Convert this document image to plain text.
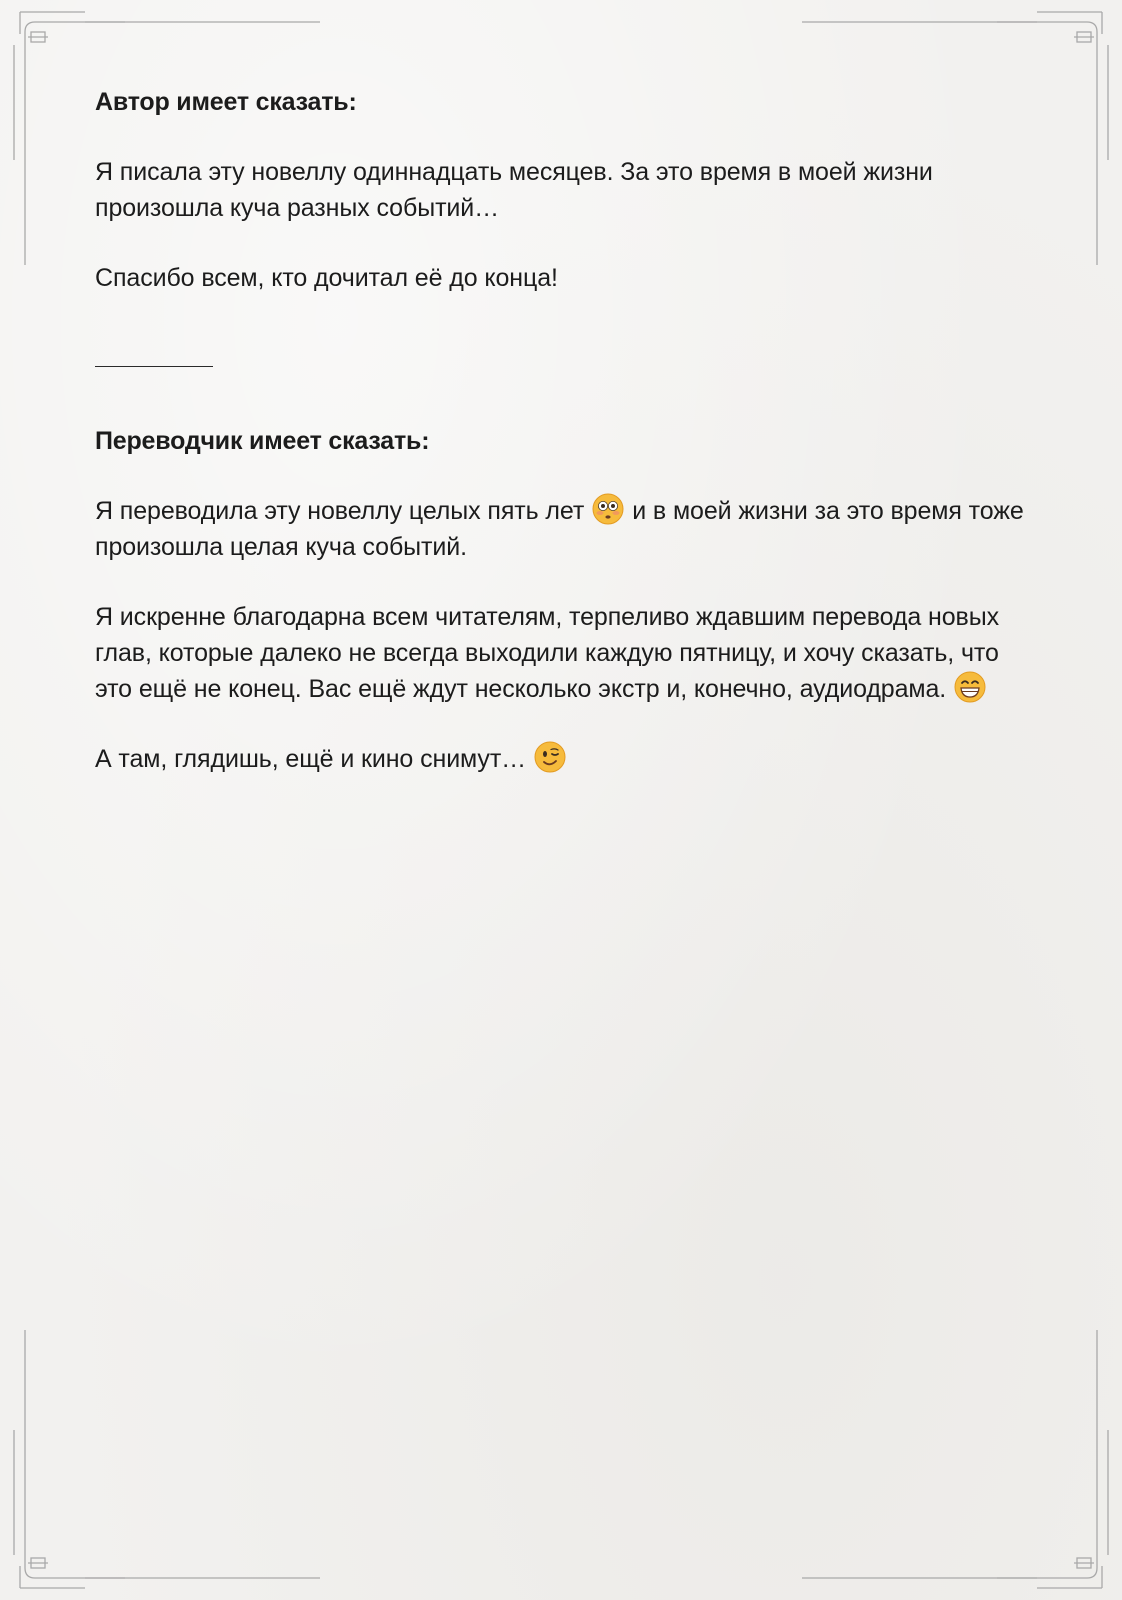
Автор имеет сказать:

Я писала эту новеллу одиннадцать месяцев. За это время в моей жизни произошла куча разных событий…

Спасибо всем, кто дочитал её до конца!

Переводчик имеет сказать:

Я переводила эту новеллу целых пять лет и в моей жизни за это время тоже произошла целая куча событий.

Я искренне благодарна всем читателям, терпеливо ждавшим перевода новых глав, которые далеко не всегда выходили каждую пятницу, и хочу сказать, что это ещё не конец. Вас ещё ждут несколько экстр и, конечно, аудиодрама.

А там, глядишь, ещё и кино снимут…
